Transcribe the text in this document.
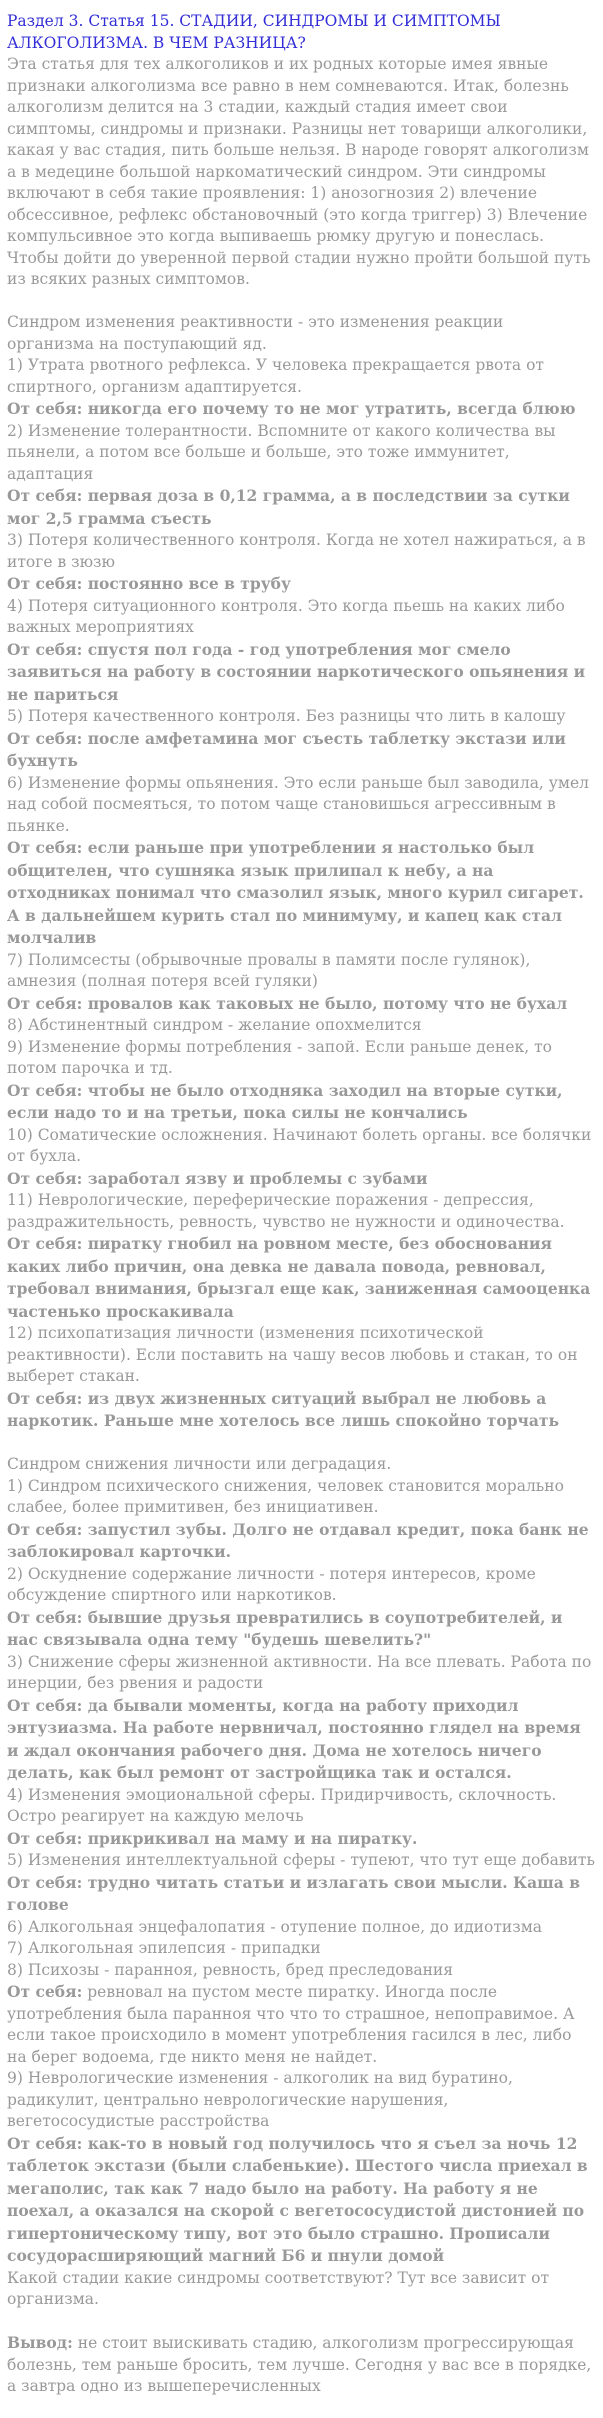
Раздел 3. Статья 15. СТАДИИ, СИНДРОМЫ И СИМПТОМЫ АЛКОГОЛИЗМА. В ЧЕМ РАЗНИЦА?

Эта статья для тех алкоголиков и их родных которые имея явные признаки алкоголизма все равно в нем сомневаются. Итак, болезнь алкоголизм делится на 3 стадии, каждый стадия имеет свои симптомы, синдромы и признаки. Разницы нет товарищи алкоголики, какая у вас стадия, пить больше нельзя. В народе говорят алкоголизм а в медецине большой наркоматический синдром. Эти синдромы включают в себя такие проявления: 1) анозогнозия 2) влечение обсессивное, рефлекс обстановочный (это когда триггер) 3) Влечение компульсивное это когда выпиваешь рюмку другую и понеслась. Чтобы дойти до уверенной первой стадии нужно пройти большой путь из всяких разных симптомов.

Синдром изменения реактивности - это изменения реакции организма на поступающий яд.

1) Утрата рвотного рефлекса. У человека прекращается рвота от спиртного, организм адаптируется.

От себя: никогда его почему то не мог утратить, всегда блюю

2) Изменение толерантности. Вспомните от какого количества вы пьянели, а потом все больше и больше, это тоже иммунитет, адаптация

От себя: первая доза в 0,12 грамма, а в последствии за сутки мог 2,5 грамма съесть

3) Потеря количественного контроля. Когда не хотел нажираться, а в итоге в зюзю

От себя: постоянно все в трубу

4) Потеря ситуационного контроля. Это когда пьешь на каких либо важных мероприятиях

От себя: спустя пол года - год употребления мог смело заявиться на работу в состоянии наркотического опьянения и не париться

5) Потеря качественного контроля. Без разницы что лить в калошу

От себя: после амфетамина мог съесть таблетку экстази или бухнуть

6) Изменение формы опьянения. Это если раньше был заводила, умел над собой посмеяться, то потом чаще становишься агрессивным в пьянке.

От себя: если раньше при употреблении я настолько был общителен, что сушняка язык прилипал к небу, а на отходниках понимал что смазолил язык, много курил сигарет. А в дальнейшем курить стал по минимуму, и капец как стал молчалив

7) Полимсесты (обрывочные провалы в памяти после гулянок), амнезия (полная потеря всей гуляки)

От себя: провалов как таковых не было, потому что не бухал

8) Абстинентный синдром - желание опохмелится

9) Изменение формы потребления - запой. Если раньше денек, то потом парочка и тд.

От себя: чтобы не было отходняка заходил на вторые сутки, если надо то и на третьи, пока силы не кончались

10) Соматические осложнения. Начинают болеть органы. все болячки от бухла.

От себя: заработал язву и проблемы с зубами

11) Неврологические, переферические поражения - депрессия, раздражительность, ревность, чувство не нужности и одиночества.

От себя: пиратку гнобил на ровном месте, без обоснования каких либо причин, она девка не давала повода, ревновал, требовал внимания, брызгал еще как, заниженная самооценка частенько проскакивала

12) психопатизация личности (изменения психотической реактивности). Если поставить на чашу весов любовь и стакан, то он выберет стакан.

От себя: из двух жизненных ситуаций выбрал не любовь а наркотик. Раньше мне хотелось все лишь спокойно торчать

Синдром снижения личности или деградация.

1) Синдром психического снижения, человек становится морально слабее, более примитивен, без инициативен.

От себя: запустил зубы. Долго не отдавал кредит, пока банк не заблокировал карточки.

2) Оскуднение содержание личности - потеря интересов, кроме обсуждение спиртного или наркотиков.

От себя: бывшие друзья превратились в соупотребителей, и нас связывала одна тему "будешь шевелить?"

3) Снижение сферы жизненной активности. На все плевать. Работа по инерции, без рвения и радости

От себя: да бывали моменты, когда на работу приходил энтузиазма. На работе нервничал, постоянно глядел на время и ждал окончания рабочего дня. Дома не хотелось ничего делать, как был ремонт от застройщика так и остался.

4) Изменения эмоциональной сферы. Придирчивость, склочность. Остро реагирует на каждую мелочь

От себя: прикрикивал на маму и на пиратку.

5) Изменения интеллектуальной сферы - тупеют, что тут еще добавить

От себя: трудно читать статьи и излагать свои мысли. Каша в голове

6) Алкогольная энцефалопатия - отупение полное, до идиотизма

7) Алкогольная эпилепсия - припадки

8) Психозы - паранноя, ревность, бред преследования

От себя: ревновал на пустом месте пиратку. Иногда после употребления была паранноя что что то страшное, непоправимое. А если такое происходило в момент употребления гасился в лес, либо на берег водоема, где никто меня не найдет.

9) Неврологические изменения - алкоголик на вид буратино, радикулит, центрально неврологические нарушения, вегетососудистые расстройства

От себя: как-то в новый год получилось что я съел за ночь 12 таблеток экстази (были слабенькие). Шестого числа приехал в мегаполис, так как 7 надо было на работу. На работу я не поехал, а оказался на скорой с вегетососудистой дистонией по гипертоническому типу, вот это было страшно. Прописали сосудорасширяющий магний Б6 и пнули домой

Какой стадии какие синдромы соответствуют? Тут все зависит от организма.

Вывод: не стоит выискивать стадию, алкоголизм прогрессирующая болезнь, тем раньше бросить, тем лучше. Сегодня у вас все в порядке, а завтра одно из вышеперечисленных
